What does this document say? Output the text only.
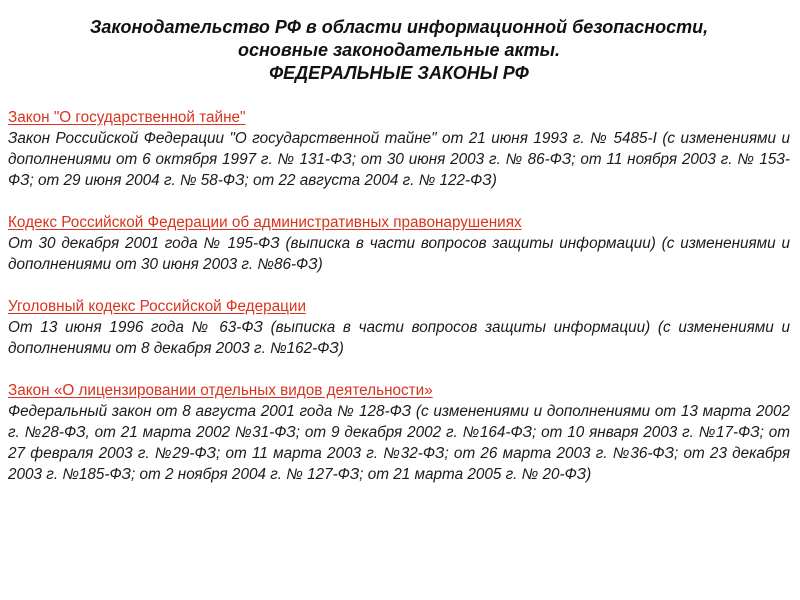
Законодательство РФ в области информационной безопасности,
основные законодательные акты.
ФЕДЕРАЛЬНЫЕ ЗАКОНЫ РФ
Закон "О государственной тайне"
Закон Российской Федерации "О государственной тайне" от 21 июня 1993 г. № 5485-I (с изменениями и дополнениями от 6 октября 1997 г. № 131-ФЗ; от 30 июня 2003 г. № 86-ФЗ; от 11 ноября 2003 г. № 153-ФЗ; от 29 июня 2004 г. № 58-ФЗ; от 22 августа 2004 г. № 122-ФЗ)
Кодекс Российской Федерации об административных правонарушениях
От 30 декабря 2001 года № 195-ФЗ (выписка в части вопросов защиты информации) (с изменениями и дополнениями от 30 июня 2003 г. №86-ФЗ)
Уголовный кодекс Российской Федерации
От 13 июня 1996 года № 63-ФЗ (выписка в части вопросов защиты информации) (с изменениями и дополнениями от 8 декабря 2003 г. №162-ФЗ)
Закон «О лицензировании отдельных видов деятельности»
Федеральный закон от 8 августа 2001 года № 128-ФЗ (с изменениями и дополнениями от 13 марта 2002 г. №28-ФЗ, от 21 марта 2002 №31-ФЗ; от 9 декабря 2002 г. №164-ФЗ; от 10 января 2003 г. №17-ФЗ; от 27 февраля 2003 г. №29-ФЗ; от 11 марта 2003 г. №32-ФЗ; от 26 марта 2003 г. №36-ФЗ; от 23 декабря 2003 г. №185-ФЗ; от 2 ноября 2004 г. № 127-ФЗ; от 21 марта 2005 г. № 20-ФЗ)
